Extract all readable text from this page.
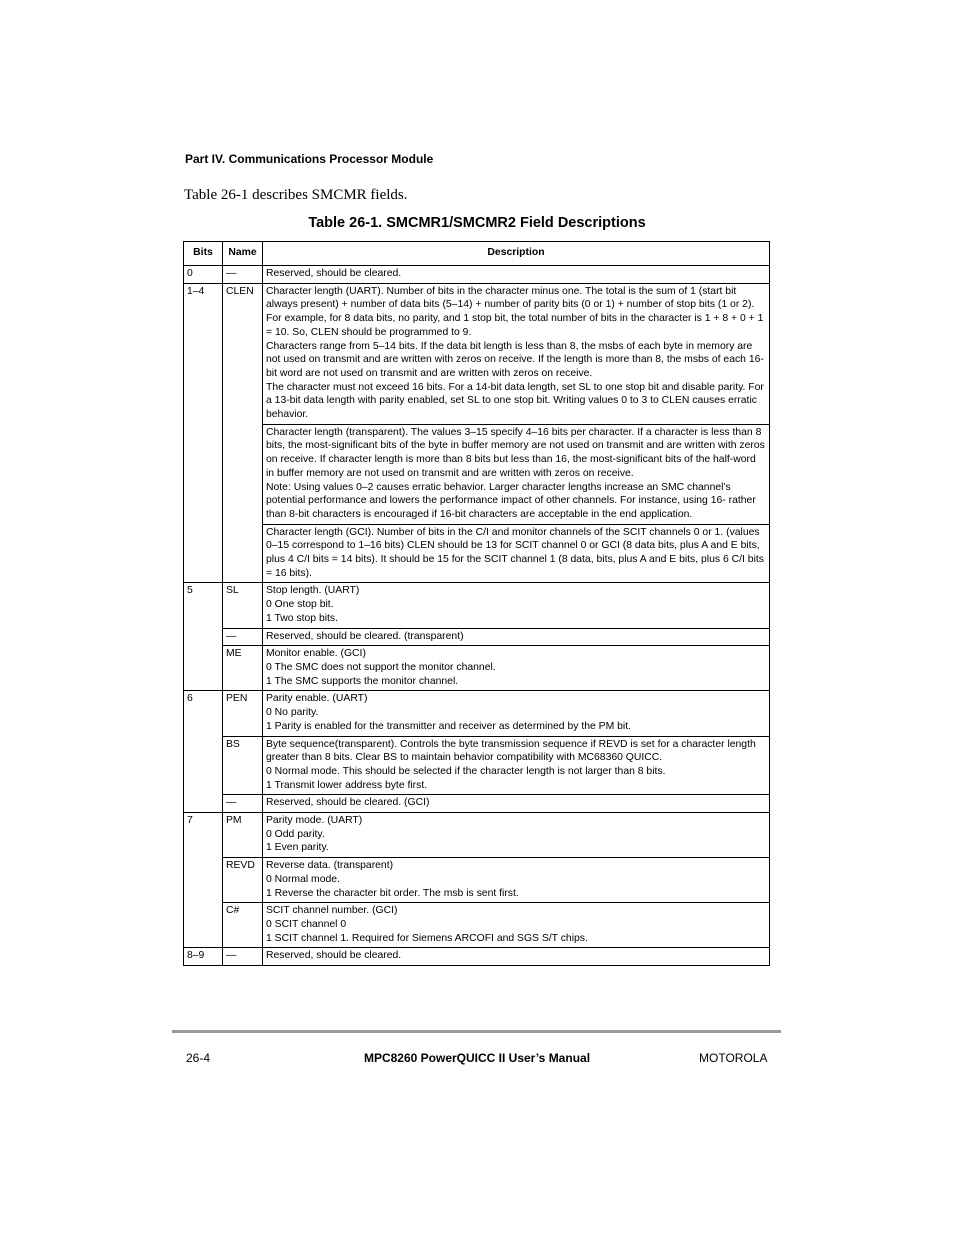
Part IV. Communications Processor Module
Table 26-1 describes SMCMR fields.
Table 26-1. SMCMR1/SMCMR2 Field Descriptions
Bits	Name	Description
0	—	Reserved, should be cleared.

1–4	CLEN	Character length (UART). Number of bits in the character minus one. The total is the sum of 1 (start bit always present) + number of data bits (5–14) + number of parity bits (0 or 1) + number of stop bits (1 or 2). For example, for 8 data bits, no parity, and 1 stop bit, the total number of bits in the character is 1 + 8 + 0 + 1 = 10. So, CLEN should be programmed to 9.
Characters range from 5–14 bits. If the data bit length is less than 8, the msbs of each byte in memory are not used on transmit and are written with zeros on receive. If the length is more than 8, the msbs of each 16-bit word are not used on transmit and are written with zeros on receive.
The character must not exceed 16 bits. For a 14-bit data length, set SL to one stop bit and disable parity. For a 13-bit data length with parity enabled, set SL to one stop bit. Writing values 0 to 3 to CLEN causes erratic behavior.

		Character length (transparent). The values 3–15 specify 4–16 bits per character. If a character is less than 8 bits, the most-significant bits of the byte in buffer memory are not used on transmit and are written with zeros on receive. If character length is more than 8 bits but less than 16, the most-significant bits of the half-word in buffer memory are not used on transmit and are written with zeros on receive.
Note: Using values 0–2 causes erratic behavior. Larger character lengths increase an SMC channel’s potential performance and lowers the performance impact of other channels. For instance, using 16- rather than 8-bit characters is encouraged if 16-bit characters are acceptable in the end application.

		Character length (GCI). Number of bits in the C/I and monitor channels of the SCIT channels 0 or 1. (values 0–15 correspond to 1–16 bits) CLEN should be 13 for SCIT channel 0 or GCI (8 data bits, plus A and E bits, plus 4 C/I bits = 14 bits). It should be 15 for the SCIT channel 1 (8 data, bits, plus A and E bits, plus 6 C/I bits = 16 bits).

5	SL	Stop length. (UART)
0 One stop bit.
1 Two stop bits.

	—	Reserved, should be cleared. (transparent)

	ME	Monitor enable. (GCI)
0 The SMC does not support the monitor channel.
1 The SMC supports the monitor channel.

6	PEN	Parity enable. (UART)
0 No parity.
1 Parity is enabled for the transmitter and receiver as determined by the PM bit.

	BS	Byte sequence(transparent). Controls the byte transmission sequence if REVD is set for a character length greater than 8 bits. Clear BS to maintain behavior compatibility with MC68360 QUICC.
0 Normal mode. This should be selected if the character length is not larger than 8 bits.
1 Transmit lower address byte first.

	—	Reserved, should be cleared. (GCI)

7	PM	Parity mode. (UART)
0 Odd parity.
1 Even parity.

	REVD	Reverse data. (transparent)
0 Normal mode.
1 Reverse the character bit order. The msb is sent first.

	C#	SCIT channel number. (GCI)
0 SCIT channel 0
1 SCIT channel 1. Required for Siemens ARCOFI and SGS S/T chips.

8–9	—	Reserved, should be cleared.
26-4	MPC8260 PowerQUICC II User’s Manual	MOTOROLA
